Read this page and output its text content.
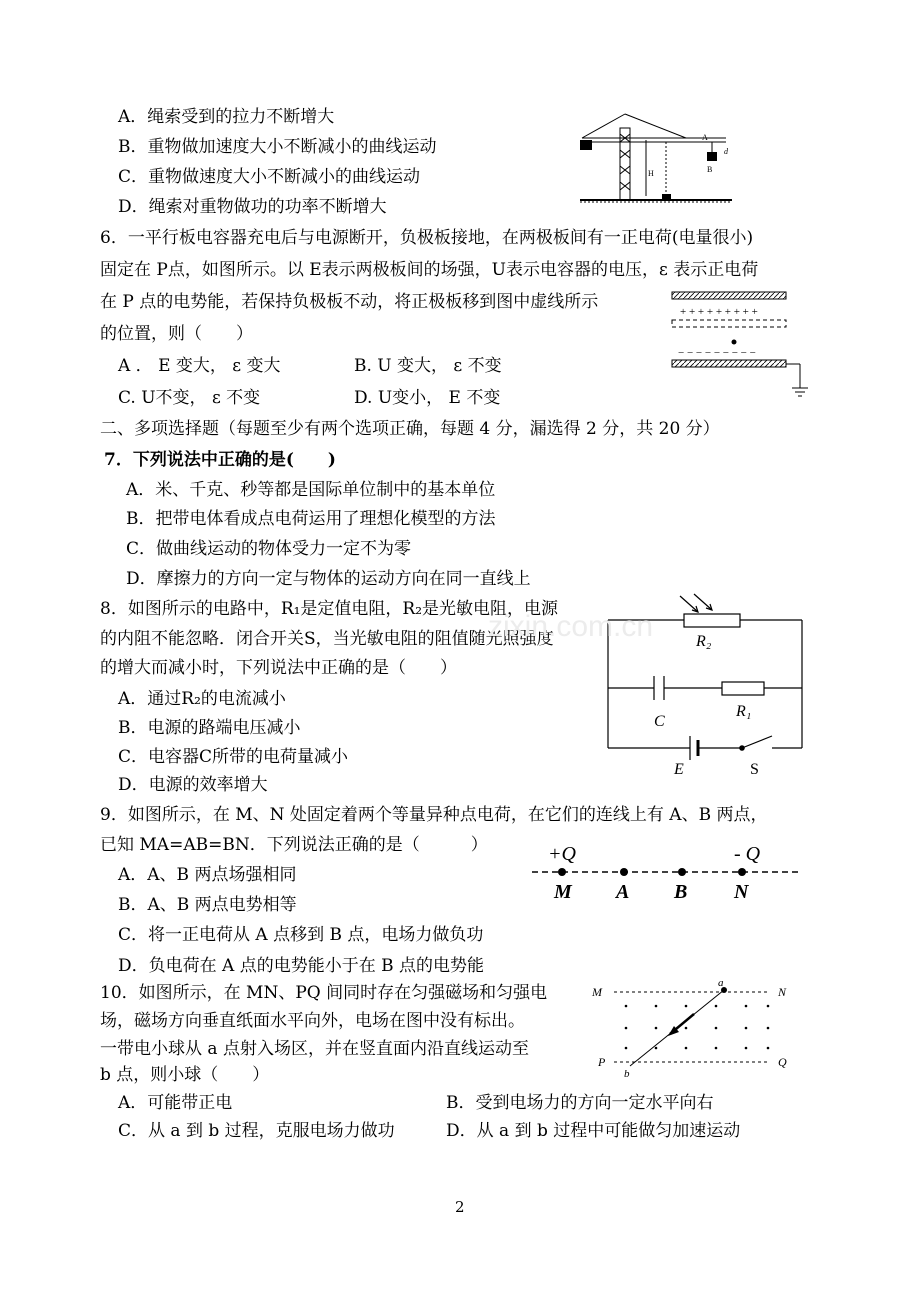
A．绳索受到的拉力不断增大
B．重物做加速度大小不断减小的曲线运动
C．重物做速度大小不断减小的曲线运动
D．绳索对重物做功的功率不断增大
A
B
H
d
6．一平行板电容器充电后与电源断开，负极板接地，在两极板间有一正电荷(电量很小)
固定在 P点，如图所示。以 E表示两极板间的场强，U表示电容器的电压，ε 表示正电荷
在 P 点的电势能，若保持负极板不动，将正极板移到图中虚线所示
的位置，则（　　）
A ． E 变大， ε 变大	B. U 变大， ε 不变
C. U不变， ε 不变	D. U变小， E 不变
+ + + + + + + + +
− − − − − − − − −
二、多项选择题（每题至少有两个选项正确，每题 4 分，漏选得 2 分，共 20 分）
7．下列说法中正确的是(　　)
A．米、千克、秒等都是国际单位制中的基本单位
B．把带电体看成点电荷运用了理想化模型的方法
C．做曲线运动的物体受力一定不为零
D．摩擦力的方向一定与物体的运动方向在同一直线上
8．如图所示的电路中，R₁是定值电阻，R₂是光敏电阻，电源
的内阻不能忽略．闭合开关S，当光敏电阻的阻值随光照强度
的增大而减小时，下列说法中正确的是（　　）
A．通过R₂的电流减小
B．电源的路端电压减小
C．电容器C所带的电荷量减小
D．电源的效率增大
R₂
C
R₁
E	S
zixin.com.cn
9．如图所示，在 M、N 处固定着两个等量异种点电荷，在它们的连线上有 A、B 两点，
已知 MA=AB=BN．下列说法正确的是（　　　）
A．A、B 两点场强相同
B．A、B 两点电势相等
C．将一正电荷从 A 点移到 B 点，电场力做负功
D．负电荷在 A 点的电势能小于在 B 点的电势能
+Q	- Q
M A B N
10．如图所示，在 MN、PQ 间同时存在匀强磁场和匀强电
场，磁场方向垂直纸面水平向外，电场在图中没有标出。
一带电小球从 a 点射入场区，并在竖直面内沿直线运动至
b 点，则小球（　　）
A．可能带正电	B．受到电场力的方向一定水平向右
C．从 a 到 b 过程，克服电场力做功	D．从 a 到 b 过程中可能做匀加速运动
M	N
P	Q
a
b
2
